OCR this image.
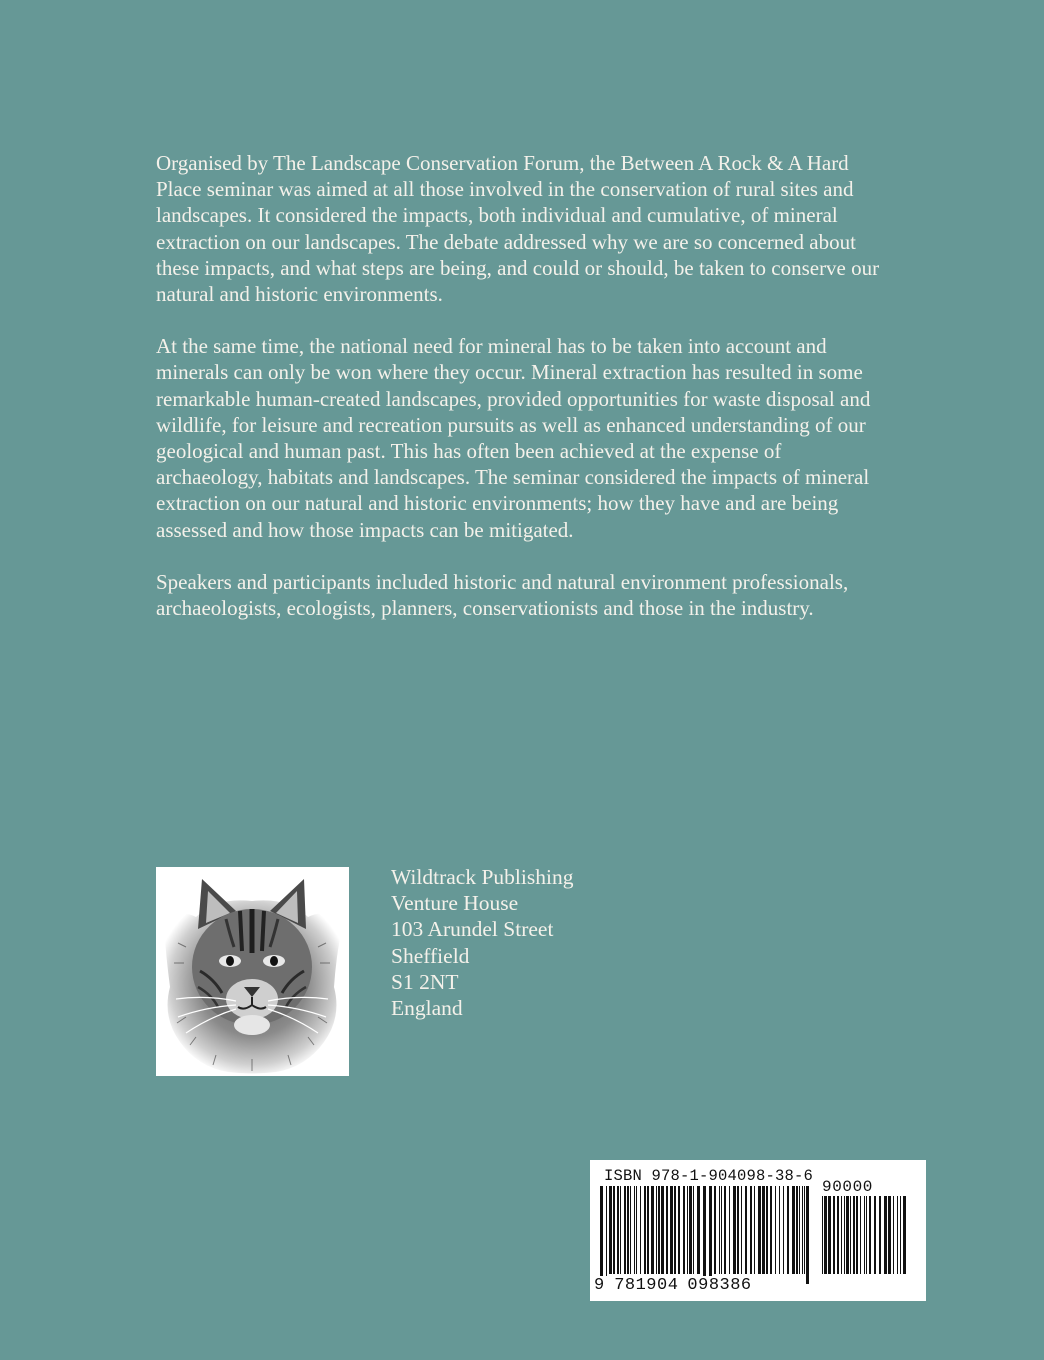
Organised by The Landscape Conservation Forum, the Between A Rock & A Hard Place seminar was aimed at all those involved in the conservation of rural sites and landscapes. It considered the impacts, both individual and cumulative, of mineral extraction on our landscapes. The debate addressed why we are so concerned about these impacts, and what steps are being, and could or should, be taken to conserve our natural and historic environments.

At the same time, the national need for mineral has to be taken into account and minerals can only be won where they occur. Mineral extraction has resulted in some remarkable human-created landscapes, provided opportunities for waste disposal and wildlife, for leisure and recreation pursuits as well as enhanced understanding of our geological and human past. This has often been achieved at the expense of archaeology, habitats and landscapes. The seminar considered the impacts of mineral extraction on our natural and historic environments; how they have and are being assessed and how those impacts can be mitigated.

Speakers and participants included historic and natural environment professionals, archaeologists, ecologists, planners, conservationists and those in the industry.

Wildtrack Publishing
Venture House
103 Arundel Street
Sheffield
S1 2NT
England
ISBN 978-1-904098-38-6
90000
9 781904 098386
